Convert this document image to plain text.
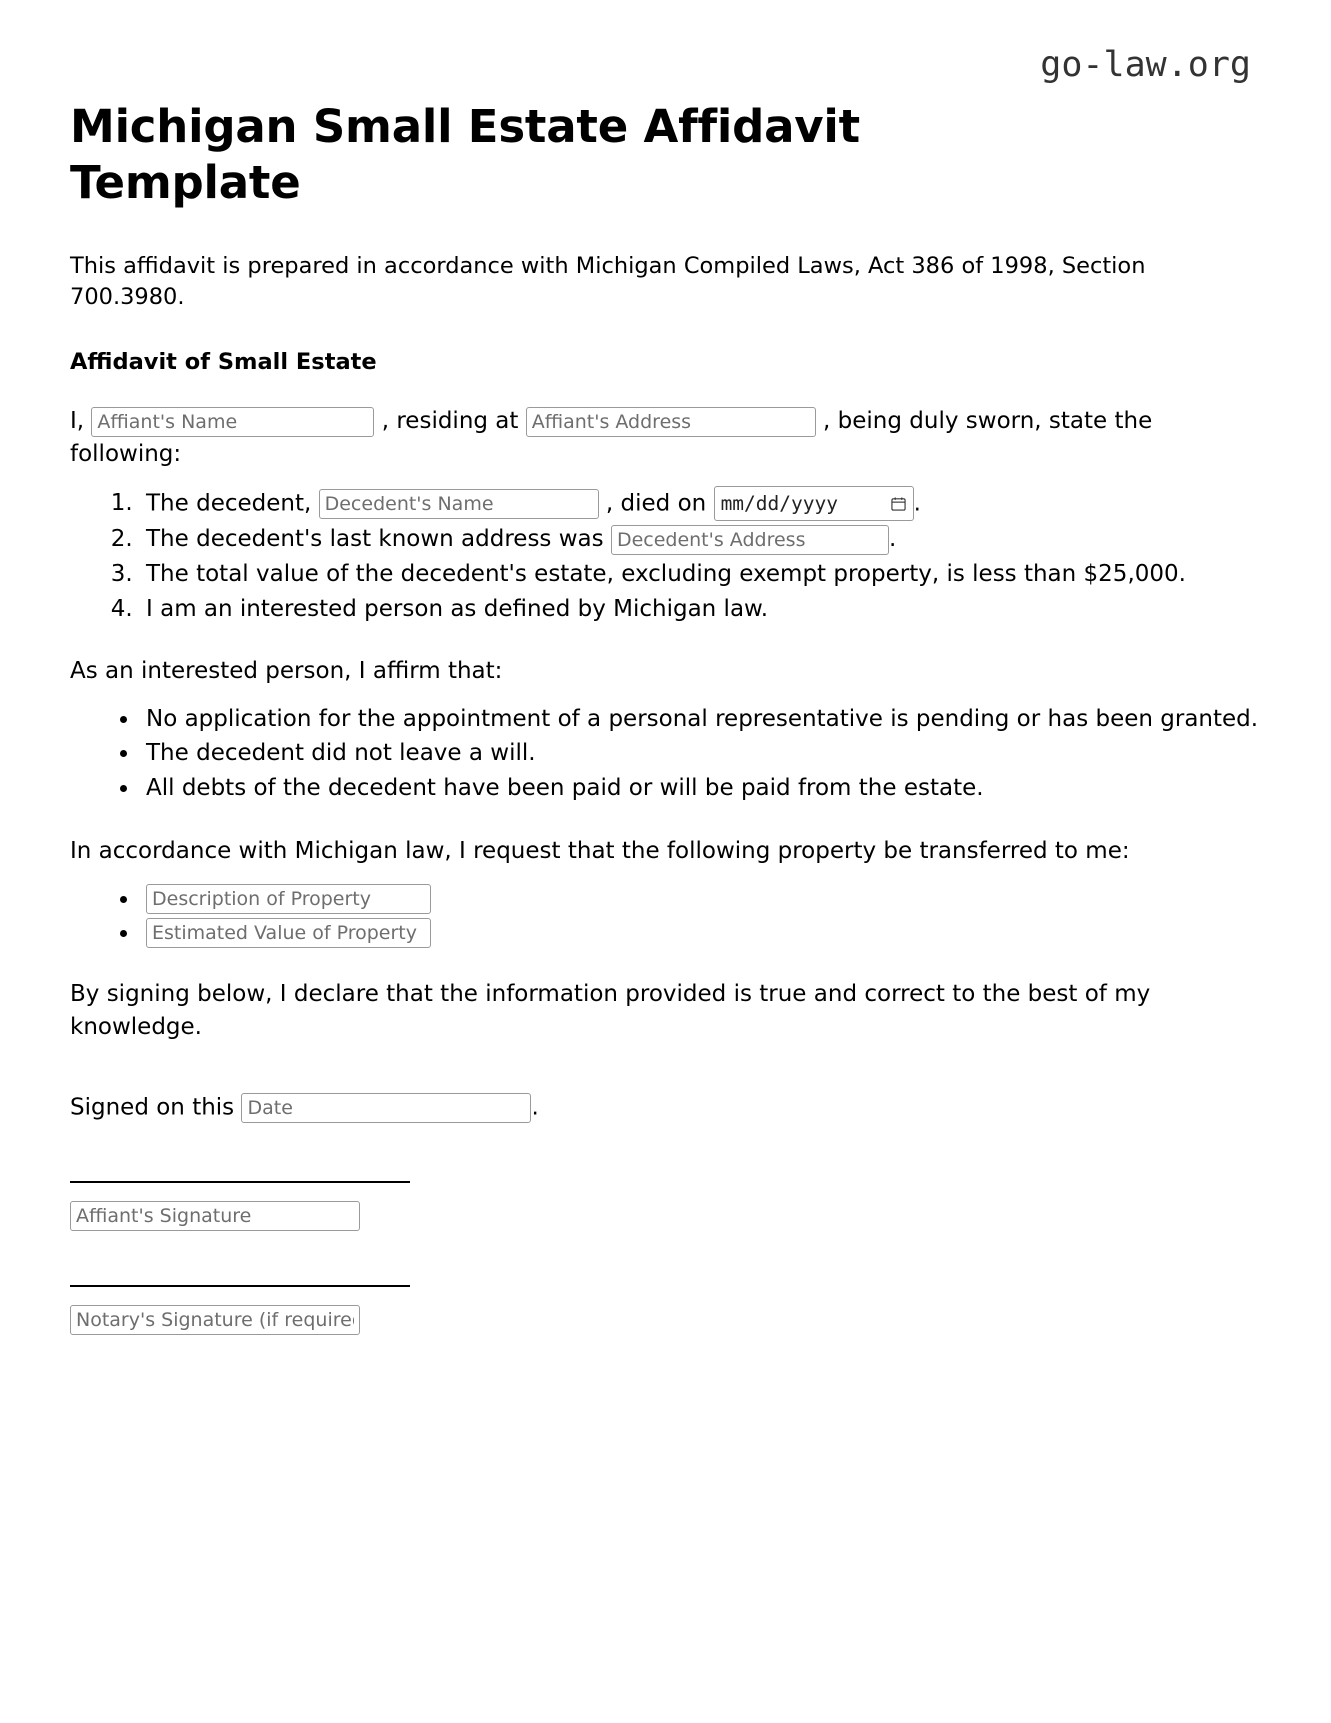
go-law.org
Michigan Small Estate Affidavit Template

This affidavit is prepared in accordance with Michigan Compiled Laws, Act 386 of 1998, Section 700.3980.

Affidavit of Small Estate

I, Affiant's Name	, residing at Affiant's Address	, being duly sworn, state the following:

1. The decedent, Decedent's Name	, died on mm/dd/yyyy	.
2. The decedent's last known address was Decedent's Address	.
3. The total value of the decedent's estate, excluding exempt property, is less than $25,000.
4. I am an interested person as defined by Michigan law.

As an interested person, I affirm that:

• No application for the appointment of a personal representative is pending or has been granted.
• The decedent did not leave a will.
• All debts of the decedent have been paid or will be paid from the estate.

In accordance with Michigan law, I request that the following property be transferred to me:

• Description of Property
• Estimated Value of Property

By signing below, I declare that the information provided is true and correct to the best of my knowledge.

Signed on this Date	.
Affiant's Signature
Notary's Signature (if required)
